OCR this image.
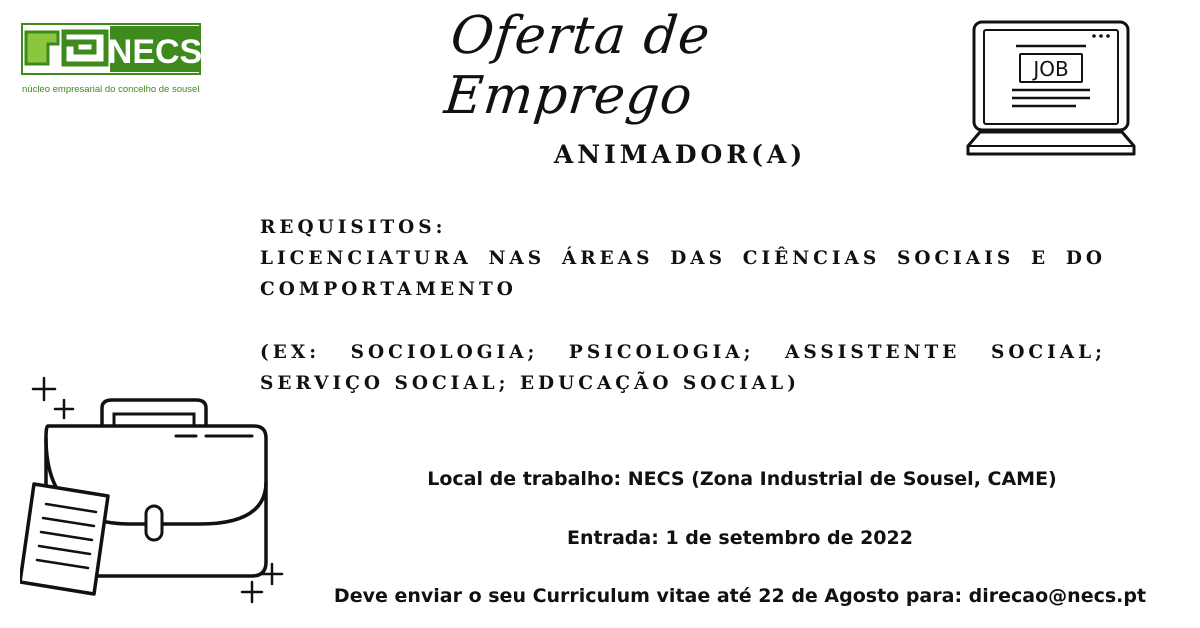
NECS
núcleo empresarial do concelho de sousel
Oferta de Emprego	JOB
ANIMADOR(A)
REQUISITOS:
LICENCIATURA NAS ÁREAS DAS CIÊNCIAS SOCIAIS E DO COMPORTAMENTO
(EX: SOCIOLOGIA; PSICOLOGIA; ASSISTENTE SOCIAL; SERVIÇO SOCIAL; EDUCAÇÃO SOCIAL)
Local de trabalho: NECS (Zona Industrial de Sousel, CAME)
Entrada: 1 de setembro de 2022
Deve enviar o seu Curriculum vitae até 22 de Agosto para: direcao@necs.pt
